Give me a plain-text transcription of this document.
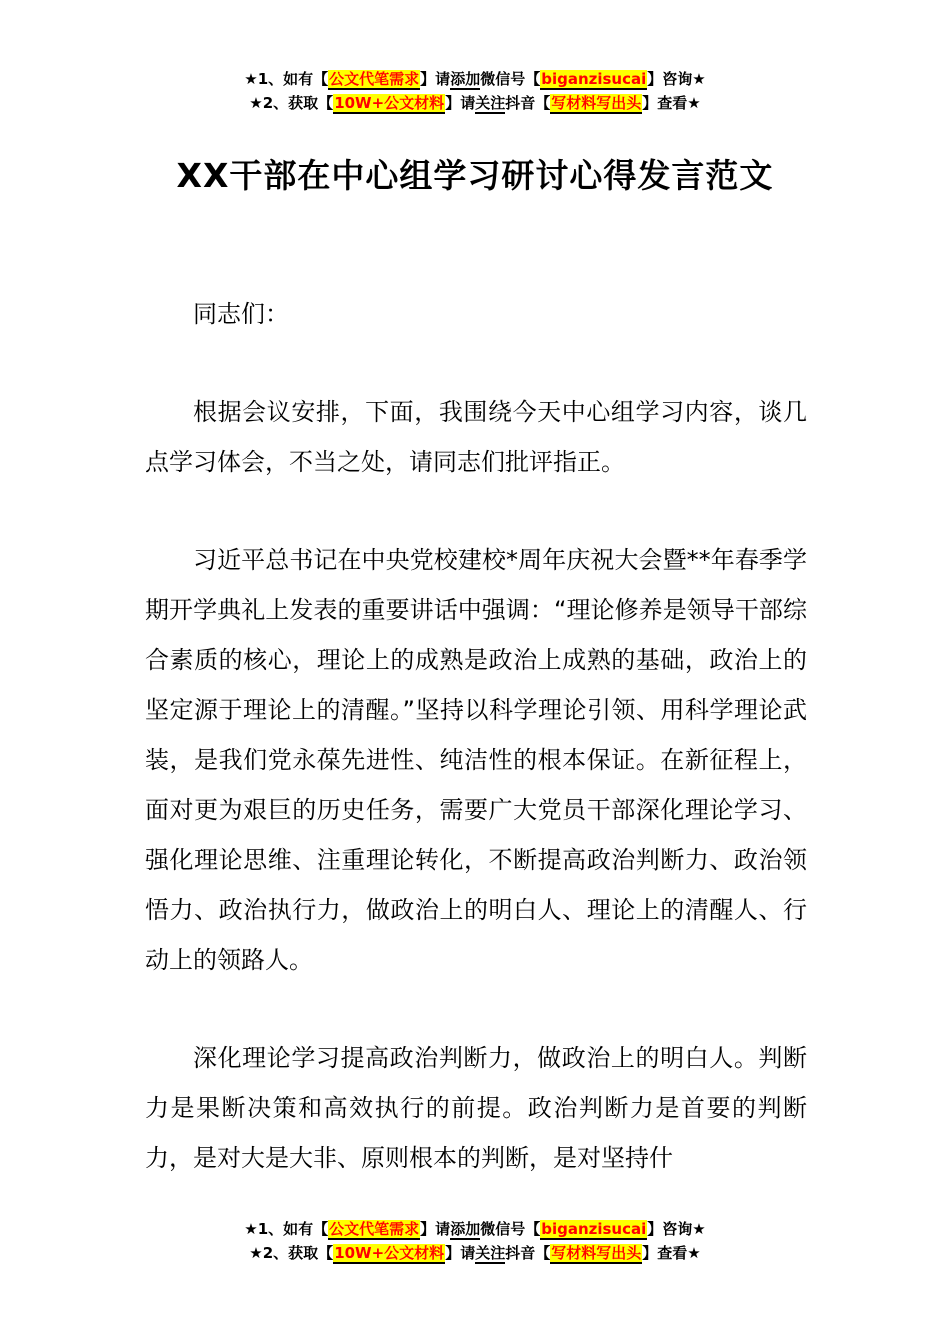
★1、如有【公文代笔需求】请添加微信号【biganzisucai】咨询★
★2、获取【10W+公文材料】请关注抖音【写材料写出头】查看★
XX干部在中心组学习研讨心得发言范文

同志们：

根据会议安排，下面，我围绕今天中心组学习内容，谈几点学习体会，不当之处，请同志们批评指正。

习近平总书记在中央党校建校*周年庆祝大会暨**年春季学期开学典礼上发表的重要讲话中强调：“理论修养是领导干部综合素质的核心，理论上的成熟是政治上成熟的基础，政治上的坚定源于理论上的清醒。”坚持以科学理论引领、用科学理论武装，是我们党永葆先进性、纯洁性的根本保证。在新征程上，面对更为艰巨的历史任务，需要广大党员干部深化理论学习、强化理论思维、注重理论转化，不断提高政治判断力、政治领悟力、政治执行力，做政治上的明白人、理论上的清醒人、行动上的领路人。

深化理论学习提高政治判断力，做政治上的明白人。判断力是果断决策和高效执行的前提。政治判断力是首要的判断力，是对大是大非、原则根本的判断，是对坚持什

★1、如有【公文代笔需求】请添加微信号【biganzisucai】咨询★
★2、获取【10W+公文材料】请关注抖音【写材料写出头】查看★
